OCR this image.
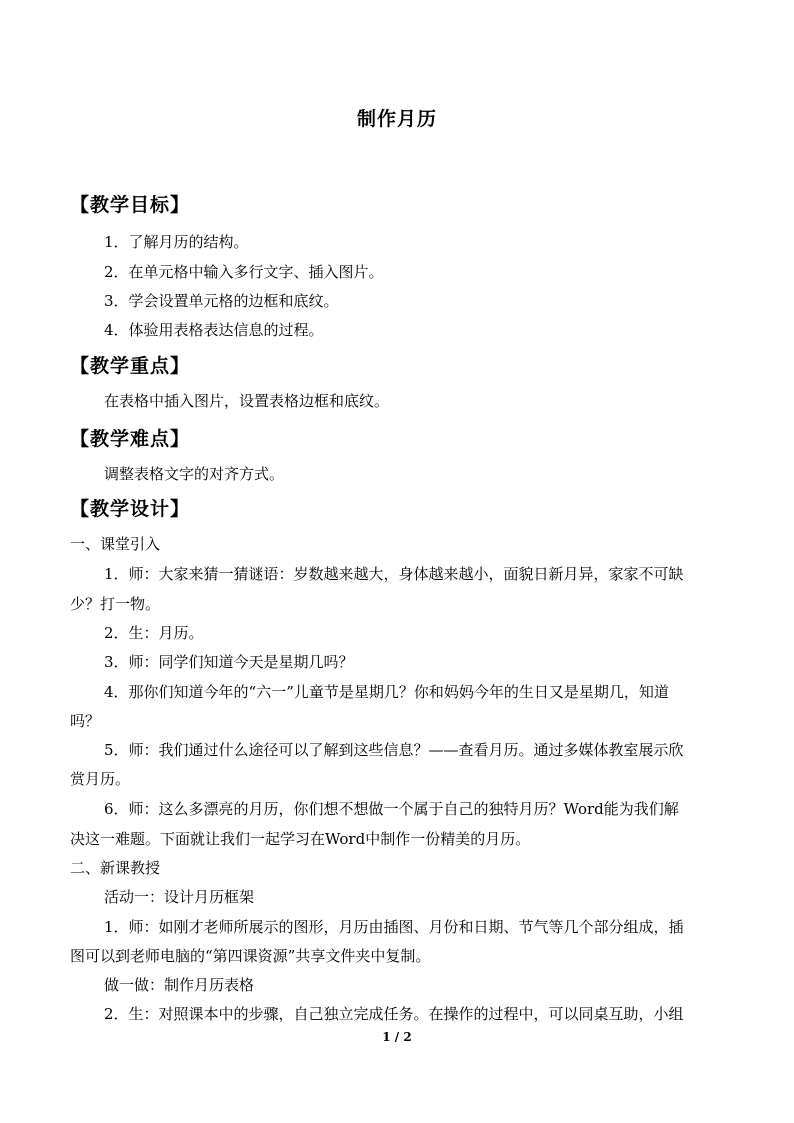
制作月历
【教学目标】
1．了解月历的结构。
2．在单元格中输入多行文字、插入图片。
3．学会设置单元格的边框和底纹。
4．体验用表格表达信息的过程。
【教学重点】
在表格中插入图片，设置表格边框和底纹。
【教学难点】
调整表格文字的对齐方式。
【教学设计】
一、课堂引入
1．师：大家来猜一猜谜语：岁数越来越大，身体越来越小，面貌日新月异，家家不可缺
少？打一物。
2．生：月历。
3．师：同学们知道今天是星期几吗？
4．那你们知道今年的“六一”儿童节是星期几？你和妈妈今年的生日又是星期几，知道
吗？
5．师：我们通过什么途径可以了解到这些信息？——查看月历。通过多媒体教室展示欣
赏月历。
6．师：这么多漂亮的月历，你们想不想做一个属于自己的独特月历？Word能为我们解
决这一难题。下面就让我们一起学习在Word中制作一份精美的月历。
二、新课教授
活动一：设计月历框架
1．师：如刚才老师所展示的图形，月历由插图、月份和日期、节气等几个部分组成，插
图可以到老师电脑的“第四课资源”共享文件夹中复制。
做一做：制作月历表格
2．生：对照课本中的步骤，自己独立完成任务。在操作的过程中，可以同桌互助，小组
1 / 2
